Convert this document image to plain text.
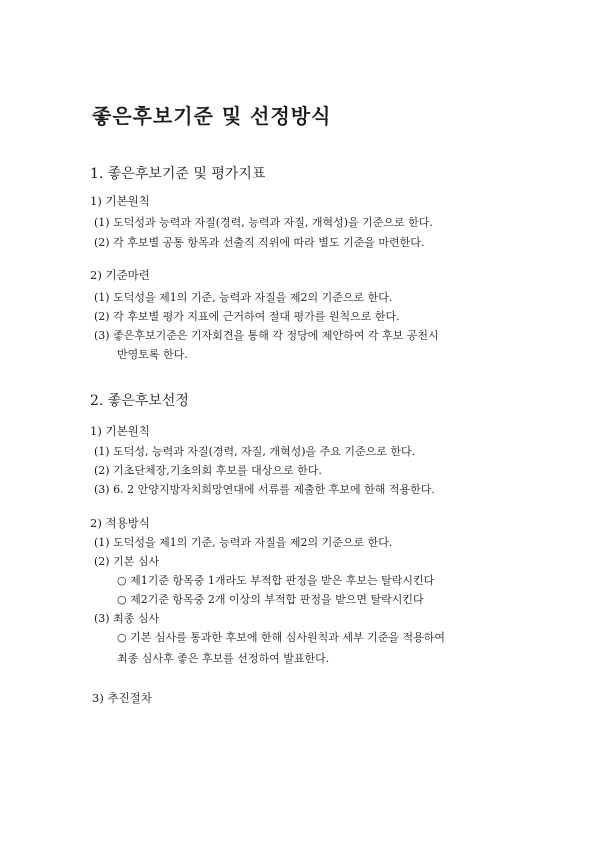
좋은후보기준 및 선정방식
1. 좋은후보기준 및 평가지표
1) 기본원칙
(1) 도덕성과 능력과 자질(경력, 능력과 자질, 개혁성)을 기준으로 한다.
(2) 각 후보별 공통 항목과 선출직 직위에 따라 별도 기준을 마련한다.
2) 기준마련
(1) 도덕성을 제1의 기준, 능력과 자질을 제2의 기준으로 한다.
(2) 각 후보별 평가 지표에 근거하여 절대 평가를 원칙으로 한다.
(3) 좋은후보기준은 기자회견을 통해 각 정당에 제안하여 각 후보 공천시
반영토록 한다.
2. 좋은후보선정
1) 기본원칙
(1) 도덕성, 능력과 자질(경력, 자질, 개혁성)을 주요 기준으로 한다.
(2) 기초단체장,기초의회 후보를 대상으로 한다.
(3) 6. 2 안양지방자치희망연대에 서류를 제출한 후보에 한해 적용한다.
2) 적용방식
(1) 도덕성을 제1의 기준, 능력과 자질을 제2의 기준으로 한다.
(2) 기본 심사
○ 제1기준 항목중 1개라도 부적합 판정을 받은 후보는 탈락시킨다
○ 제2기준 항목중 2개 이상의 부적합 판정을 받으면 탈락시킨다
(3) 최종 심사
○ 기본 심사를 통과한 후보에 한해 심사원칙과 세부 기준을 적용하여
최종 심사후 좋은 후보를 선정하여 발표한다.
3) 추진절차
